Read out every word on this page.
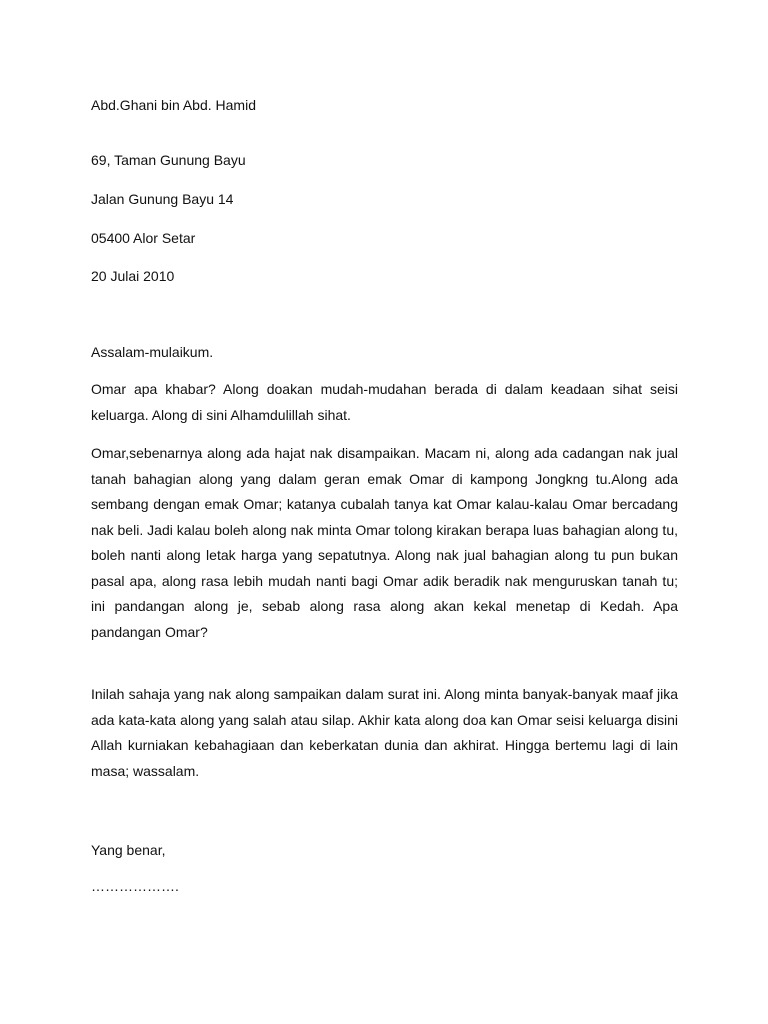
Abd.Ghani bin Abd. Hamid

69, Taman Gunung Bayu

Jalan Gunung Bayu 14

05400 Alor Setar

20 Julai 2010

Assalam-mulaikum.

Omar apa khabar? Along doakan mudah-mudahan berada di dalam keadaan sihat seisi keluarga. Along di sini Alhamdulillah sihat.

Omar,sebenarnya along ada hajat nak disampaikan. Macam ni, along ada cadangan nak jual tanah bahagian along yang dalam geran emak Omar di kampong Jongkng tu.Along ada sembang dengan emak Omar; katanya cubalah tanya kat Omar kalau-kalau Omar bercadang nak beli. Jadi kalau boleh along nak minta Omar tolong kirakan berapa luas bahagian along tu, boleh nanti along letak harga yang sepatutnya. Along nak jual bahagian along tu pun bukan pasal apa, along rasa lebih mudah nanti bagi Omar adik beradik nak menguruskan tanah tu; ini pandangan along je, sebab along rasa along akan kekal menetap di Kedah. Apa pandangan Omar?

Inilah sahaja yang nak along sampaikan dalam surat ini. Along minta banyak-banyak maaf jika ada kata-kata along yang salah atau silap. Akhir kata along doa kan Omar seisi keluarga disini Allah kurniakan kebahagiaan dan keberkatan dunia dan akhirat. Hingga bertemu lagi di lain masa; wassalam.

Yang benar,

……………….
